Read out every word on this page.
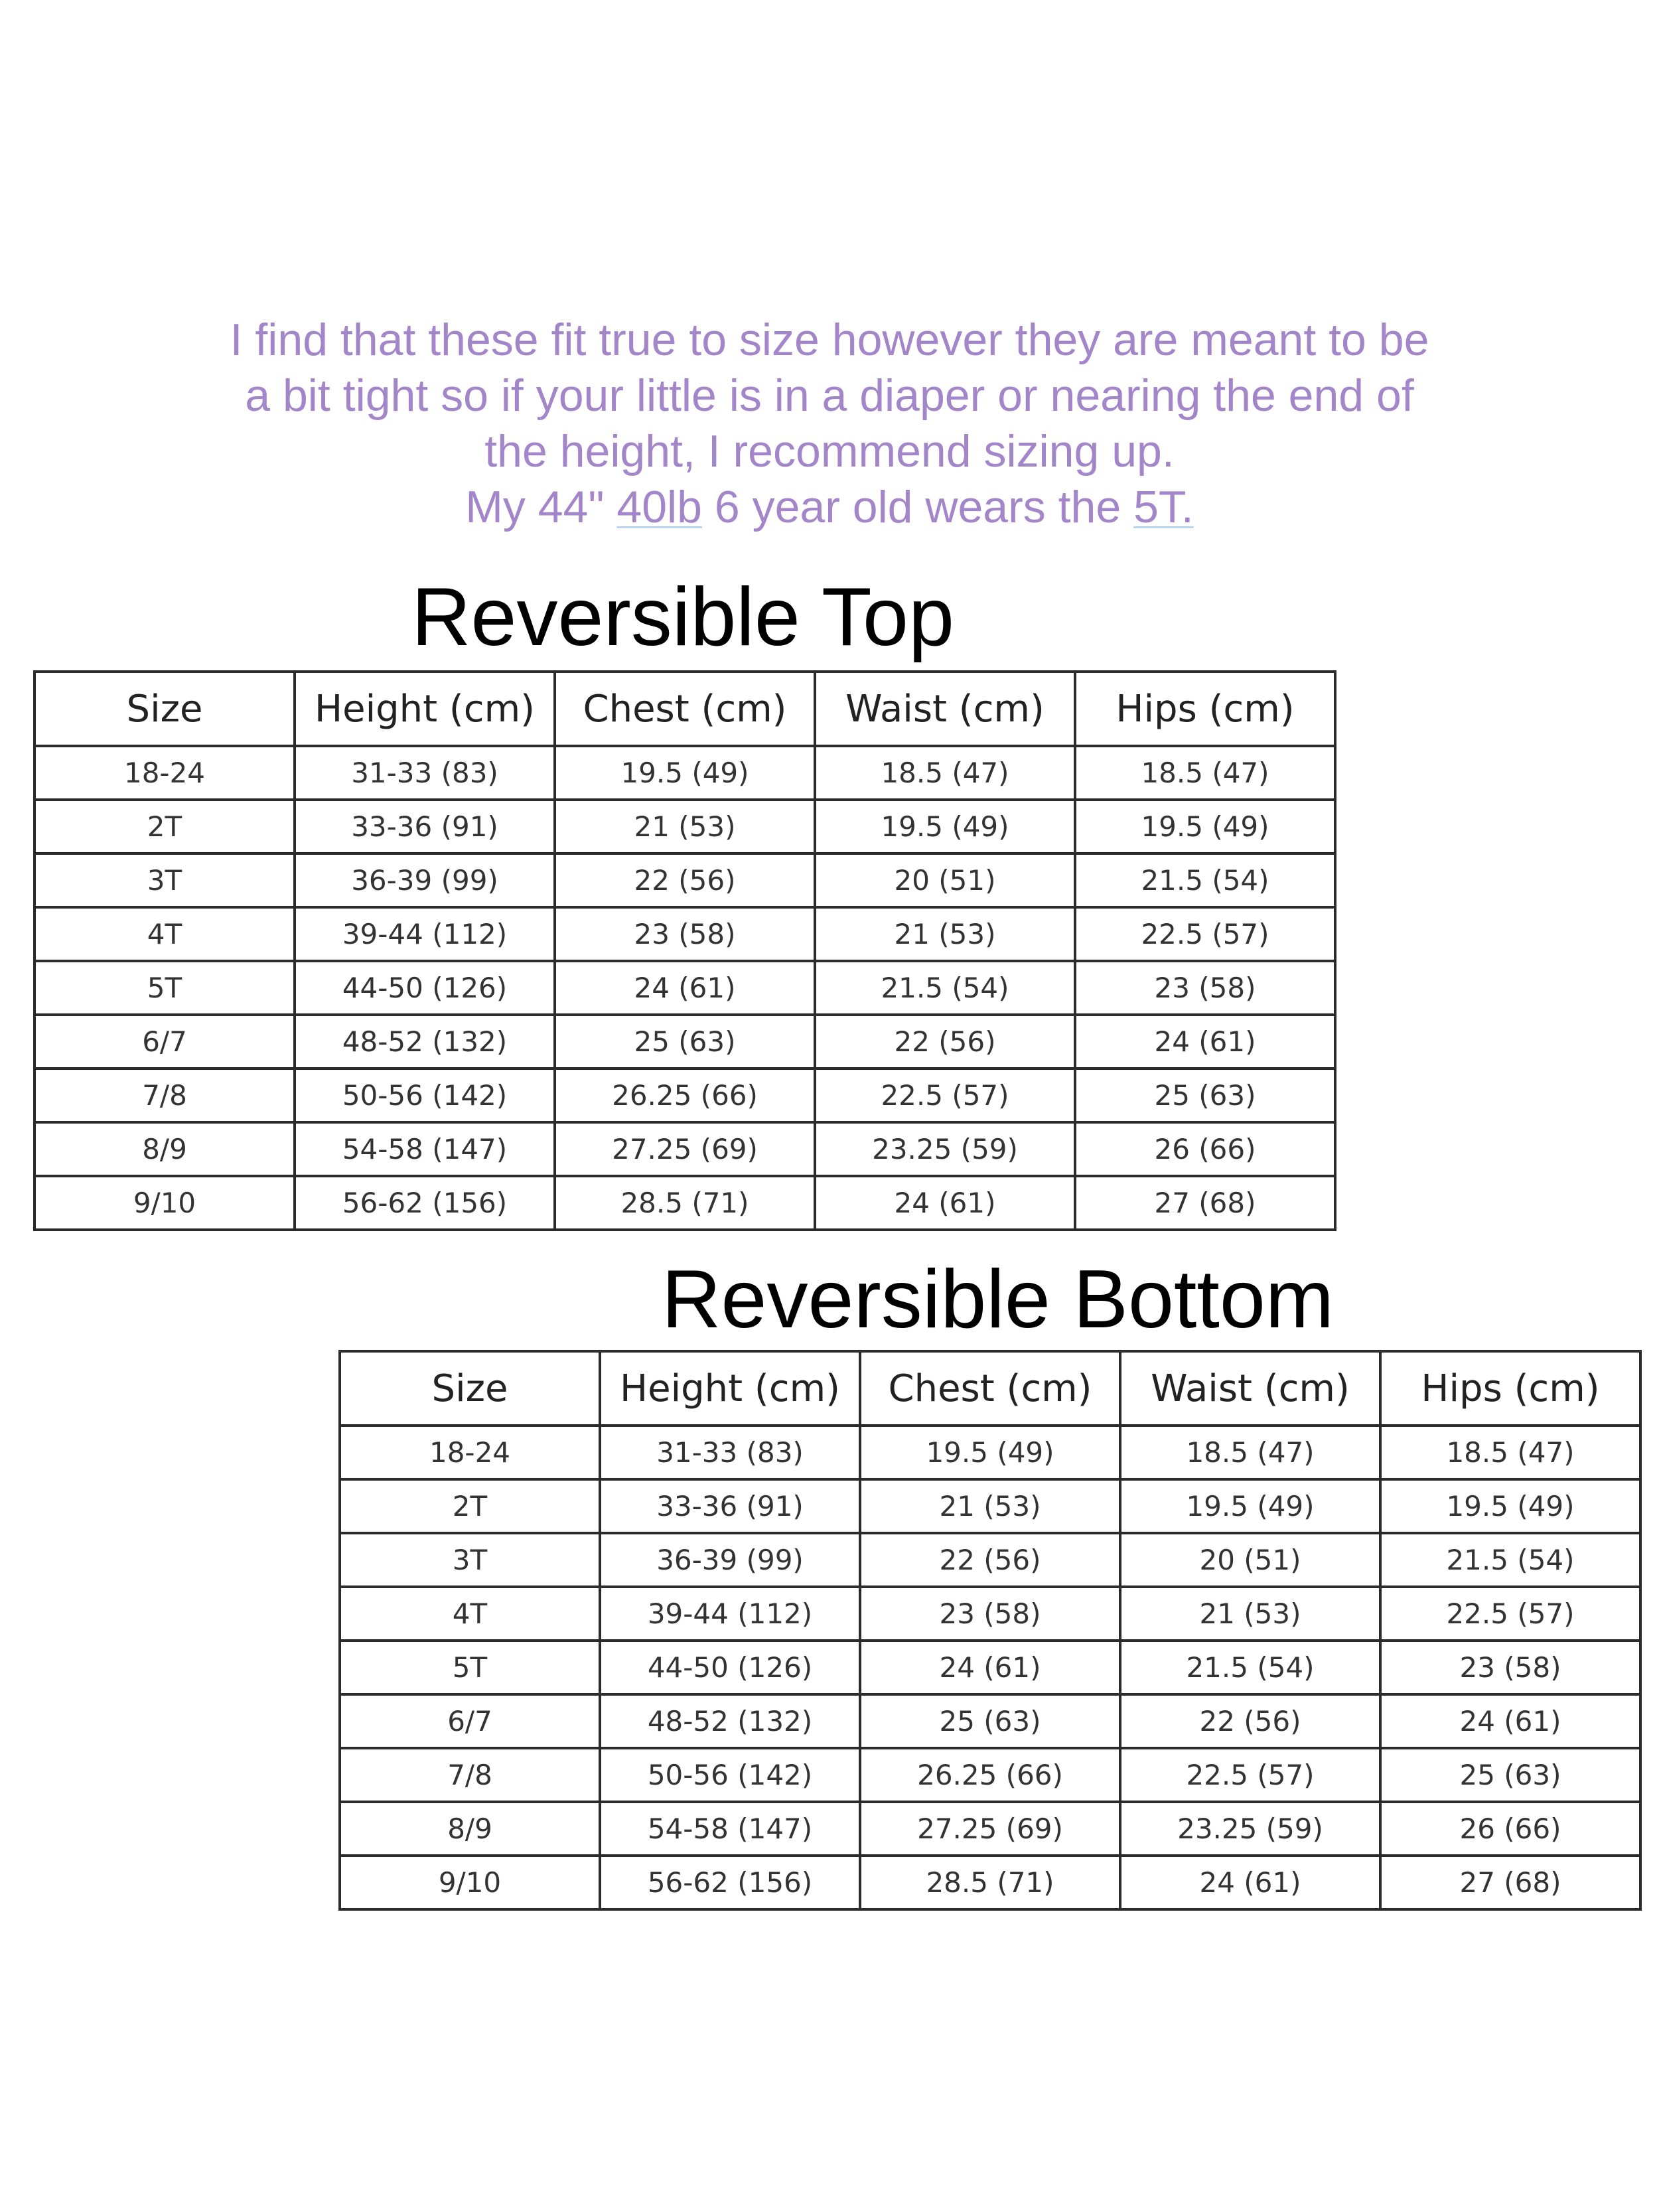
I find that these fit true to size however they are meant to be
a bit tight so if your little is in a diaper or nearing the end of
the height, I recommend sizing up.
My 44" 40lb 6 year old wears the 5T.
Reversible Top
Size	Height (cm)	Chest (cm)	Waist (cm)	Hips (cm)
18-24	31-33 (83)	19.5 (49)	18.5 (47)	18.5 (47)
2T	33-36 (91)	21 (53)	19.5 (49)	19.5 (49)
3T	36-39 (99)	22 (56)	20 (51)	21.5 (54)
4T	39-44 (112)	23 (58)	21 (53)	22.5 (57)
5T	44-50 (126)	24 (61)	21.5 (54)	23 (58)
6/7	48-52 (132)	25 (63)	22 (56)	24 (61)
7/8	50-56 (142)	26.25 (66)	22.5 (57)	25 (63)
8/9	54-58 (147)	27.25 (69)	23.25 (59)	26 (66)
9/10	56-62 (156)	28.5 (71)	24 (61)	27 (68)
Reversible Bottom
Size	Height (cm)	Chest (cm)	Waist (cm)	Hips (cm)
18-24	31-33 (83)	19.5 (49)	18.5 (47)	18.5 (47)
2T	33-36 (91)	21 (53)	19.5 (49)	19.5 (49)
3T	36-39 (99)	22 (56)	20 (51)	21.5 (54)
4T	39-44 (112)	23 (58)	21 (53)	22.5 (57)
5T	44-50 (126)	24 (61)	21.5 (54)	23 (58)
6/7	48-52 (132)	25 (63)	22 (56)	24 (61)
7/8	50-56 (142)	26.25 (66)	22.5 (57)	25 (63)
8/9	54-58 (147)	27.25 (69)	23.25 (59)	26 (66)
9/10	56-62 (156)	28.5 (71)	24 (61)	27 (68)
